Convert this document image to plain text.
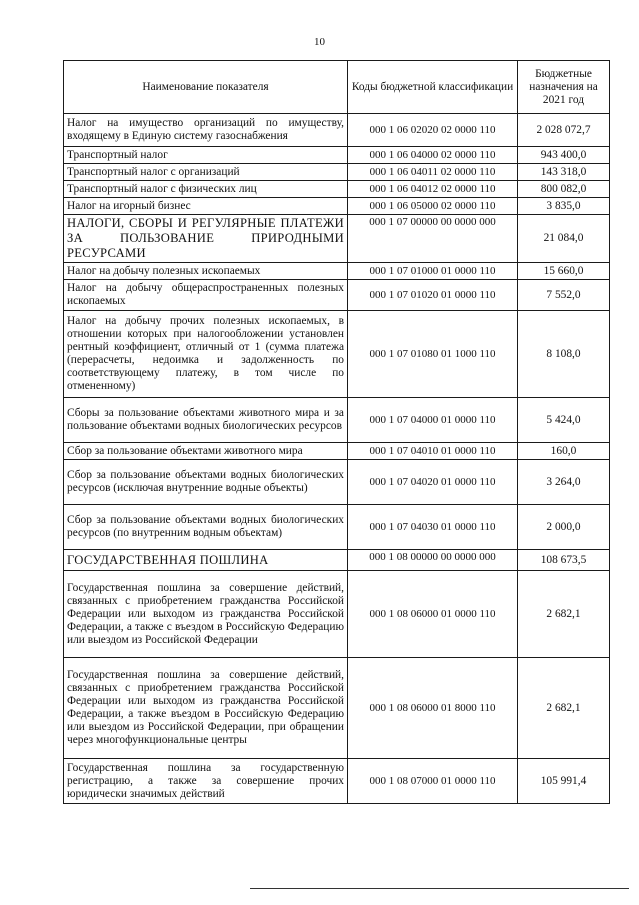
10
Наименование показателя	Коды бюджетной классификации	Бюджетные назначения на 2021 год
Налог на имущество организаций по имуществу, входящему в Единую систему газоснабжения	000 1 06 02020 02 0000 110	2 028 072,7
Транспортный налог	000 1 06 04000 02 0000 110	943 400,0
Транспортный налог с организаций	000 1 06 04011 02 0000 110	143 318,0
Транспортный налог с физических лиц	000 1 06 04012 02 0000 110	800 082,0
Налог на игорный бизнес	000 1 06 05000 02 0000 110	3 835,0
НАЛОГИ, СБОРЫ И РЕГУЛЯРНЫЕ ПЛАТЕЖИ ЗА ПОЛЬЗОВАНИЕ ПРИРОДНЫМИ РЕСУРСАМИ	000 1 07 00000 00 0000 000	21 084,0
Налог на добычу полезных ископаемых	000 1 07 01000 01 0000 110	15 660,0
Налог на добычу общераспространенных полезных ископаемых	000 1 07 01020 01 0000 110	7 552,0
Налог на добычу прочих полезных ископаемых, в отношении которых при налогообложении установлен рентный коэффициент, отличный от 1 (сумма платежа (перерасчеты, недоимка и задолженность по соответствующему платежу, в том числе по отмененному)	000 1 07 01080 01 1000 110	8 108,0
Сборы за пользование объектами животного мира и за пользование объектами водных биологических ресурсов	000 1 07 04000 01 0000 110	5 424,0
Сбор за пользование объектами животного мира	000 1 07 04010 01 0000 110	160,0
Сбор за пользование объектами водных биологических ресурсов (исключая внутренние водные объекты)	000 1 07 04020 01 0000 110	3 264,0
Сбор за пользование объектами водных биологических ресурсов (по внутренним водным объектам)	000 1 07 04030 01 0000 110	2 000,0
ГОСУДАРСТВЕННАЯ ПОШЛИНА	000 1 08 00000 00 0000 000	108 673,5
Государственная пошлина за совершение действий, связанных с приобретением гражданства Российской Федерации или выходом из гражданства Российской Федерации, а также с въездом в Российскую Федерацию или выездом из Российской Федерации	000 1 08 06000 01 0000 110	2 682,1
Государственная пошлина за совершение действий, связанных с приобретением гражданства Российской Федерации или выходом из гражданства Российской Федерации, а также въездом в Российскую Федерацию или выездом из Российской Федерации, при обращении через многофункциональные центры	000 1 08 06000 01 8000 110	2 682,1
Государственная пошлина за государственную регистрацию, а также за совершение прочих юридически значимых действий	000 1 08 07000 01 0000 110	105 991,4
